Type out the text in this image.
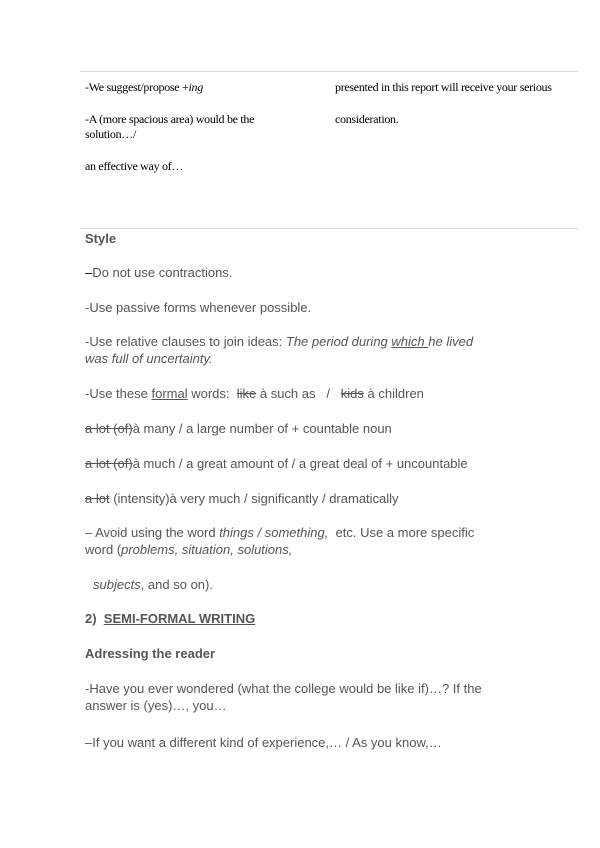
-We suggest/propose +ing
-A (more spacious area) would be the
solution…/
an effective way of…
presented in this report will receive your serious
consideration.
Style
–Do not use contractions.
-Use passive forms whenever possible.
-Use relative clauses to join ideas: The period during which he lived
was full of uncertainty.
-Use these formal words:  like à such as   /   kids à children
a lot (of)à many / a large number of + countable noun
a lot (of)à much / a great amount of / a great deal of + uncountable
a lot (intensity)à very much / significantly / dramatically
– Avoid using the word things / something,  etc. Use a more specific
word (problems, situation, solutions,
subjects, and so on).
2)  SEMI-FORMAL WRITING
Adressing the reader
-Have you ever wondered (what the college would be like if)…? If the
answer is (yes)…, you…
–If you want a different kind of experience,… / As you know,…
